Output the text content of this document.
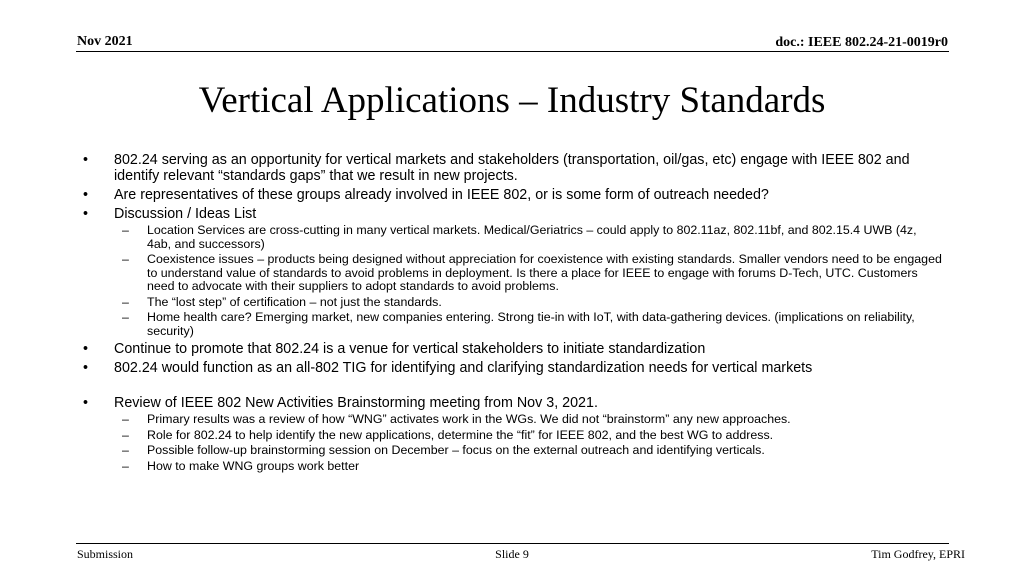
Nov 2021	doc.: IEEE 802.24-21-0019r0
Vertical Applications – Industry Standards
•	802.24 serving as an opportunity for vertical markets and stakeholders (transportation, oil/gas, etc) engage with IEEE 802 and identify relevant “standards gaps” that we result in new projects.
•	Are representatives of these groups already involved in IEEE 802, or is some form of outreach needed?
•	Discussion / Ideas List
– Location Services are cross-cutting in many vertical markets. Medical/Geriatrics – could apply to 802.11az, 802.11bf, and 802.15.4 UWB (4z, 4ab, and successors)
– Coexistence issues – products being designed without appreciation for coexistence with existing standards. Smaller vendors need to be engaged to understand value of standards to avoid problems in deployment. Is there a place for IEEE to engage with forums D-Tech, UTC. Customers need to advocate with their suppliers to adopt standards to avoid problems.
– The “lost step” of certification – not just the standards.
– Home health care? Emerging market, new companies entering. Strong tie-in with IoT, with data-gathering devices. (implications on reliability, security)
•	Continue to promote that 802.24 is a venue for vertical stakeholders to initiate standardization
•	802.24 would function as an all-802 TIG for identifying and clarifying standardization needs for vertical markets
•	Review of IEEE 802 New Activities Brainstorming meeting from Nov 3, 2021.
– Primary results was a review of how “WNG” activates work in the WGs. We did not “brainstorm” any new approaches.
– Role for 802.24 to help identify the new applications, determine the “fit” for IEEE 802, and the best WG to address.
– Possible follow-up brainstorming session on December – focus on the external outreach and identifying verticals.
– How to make WNG groups work better
Submission	Slide 9	Tim Godfrey, EPRI
